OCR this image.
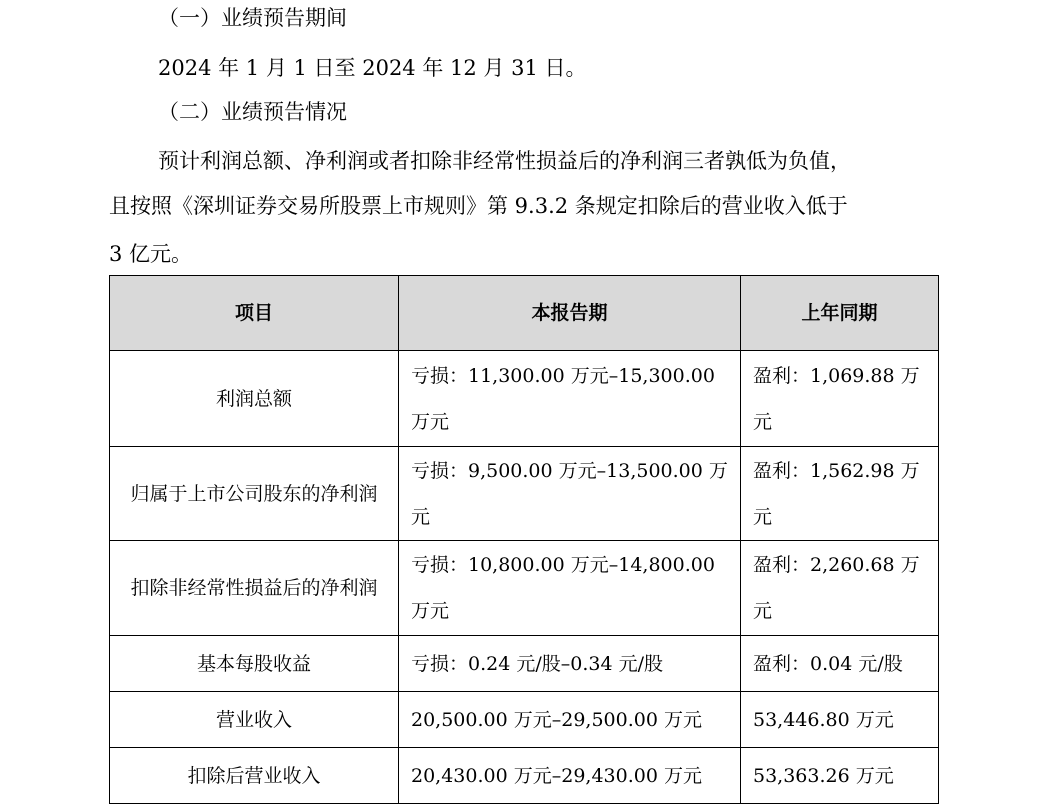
（一）业绩预告期间
2024 年 1 月 1 日至 2024 年 12 月 31 日。
（二）业绩预告情况
预计利润总额、净利润或者扣除非经常性损益后的净利润三者孰低为负值，
且按照《深圳证券交易所股票上市规则》第 9.3.2 条规定扣除后的营业收入低于
3 亿元。
项目	本报告期	上年同期
利润总额	亏损：11,300.00 万元–15,300.00 万元	盈利：1,069.88 万元
归属于上市公司股东的净利润	亏损：9,500.00 万元–13,500.00 万元	盈利：1,562.98 万元
扣除非经常性损益后的净利润	亏损：10,800.00 万元–14,800.00 万元	盈利：2,260.68 万元
基本每股收益	亏损：0.24 元/股–0.34 元/股	盈利：0.04 元/股
营业收入	20,500.00 万元–29,500.00 万元	53,446.80 万元
扣除后营业收入	20,430.00 万元–29,430.00 万元	53,363.26 万元
